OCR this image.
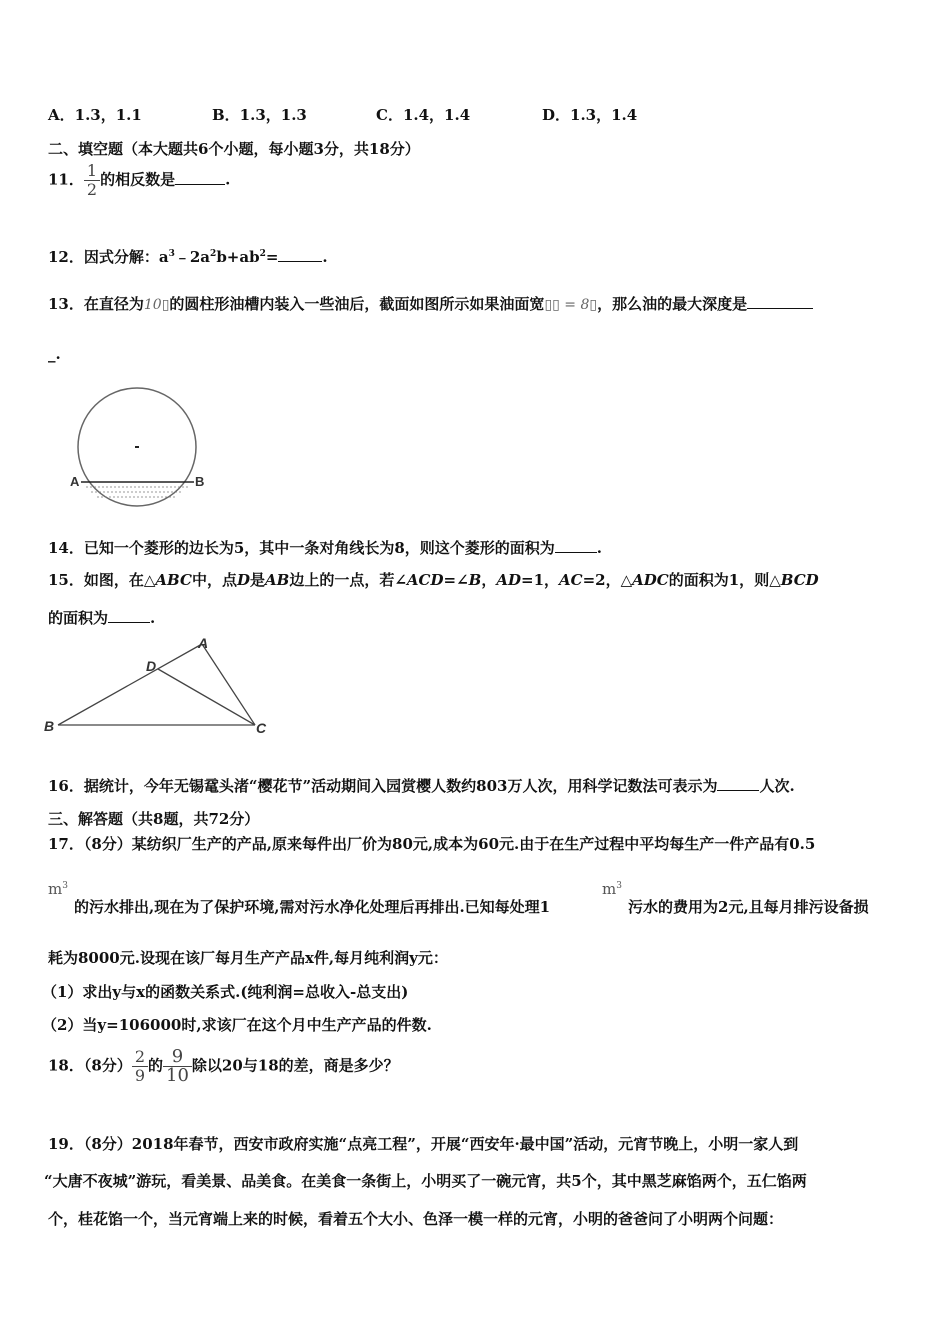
A．1.3，1.1	B．1.3，1.3	C．1.4，1.4	D．1.3，1.4
二、填空题（本大题共6个小题，每小题3分，共18分）
11． $\frac{1}{2}$ 的相反数是	.
12．因式分解：$a^3﹣2a^2b+ab^2=$	.
13．在直径为10▯的圆柱形油槽内装入一些油后，截面如图所示如果油面宽▯▯ = 8▯，那么油的最大深度是
_.
A	B
14．已知一个菱形的边长为5，其中一条对角线长为8，则这个菱形的面积为	.
15．如图，在△ABC中，点D是AB边上的一点，若∠ACD=∠B，AD=1，AC=2，△ADC的面积为1，则△BCD
的面积为	.
A
B	C
D
16．据统计，今年无锡鼋头渚“樱花节”活动期间入园赏樱人数约803万人次，用科学记数法可表示为	人次.
三、解答题（共8题，共72分）
17．（8分）某纺织厂生产的产品,原来每件出厂价为80元,成本为60元.由于在生产过程中平均每生产一件产品有0.5
$m^3$
的污水排出,现在为了保护环境,需对污水净化处理后再排出.已知每处理1
$m^3$
污水的费用为2元,且每月排污设备损
耗为8000元.设现在该厂每月生产产品x件,每月纯利润y元：
（1）求出y与x的函数关系式.(纯利润=总收入-总支出)
（2）当y=106000时,求该厂在这个月中生产产品的件数.
18．（8分） $\frac{2}{9}$ 的 $\frac{9}{10}$ 除以20与18的差，商是多少？
19．（8分）2018年春节，西安市政府实施“点亮工程”，开展“西安年·最中国”活动，元宵节晚上，小明一家人到
“大唐不夜城”游玩，看美景、品美食。在美食一条街上，小明买了一碗元宵，共5个，其中黑芝麻馅两个，五仁馅两
个，桂花馅一个，当元宵端上来的时候，看着五个大小、色泽一模一样的元宵，小明的爸爸问了小明两个问题：
